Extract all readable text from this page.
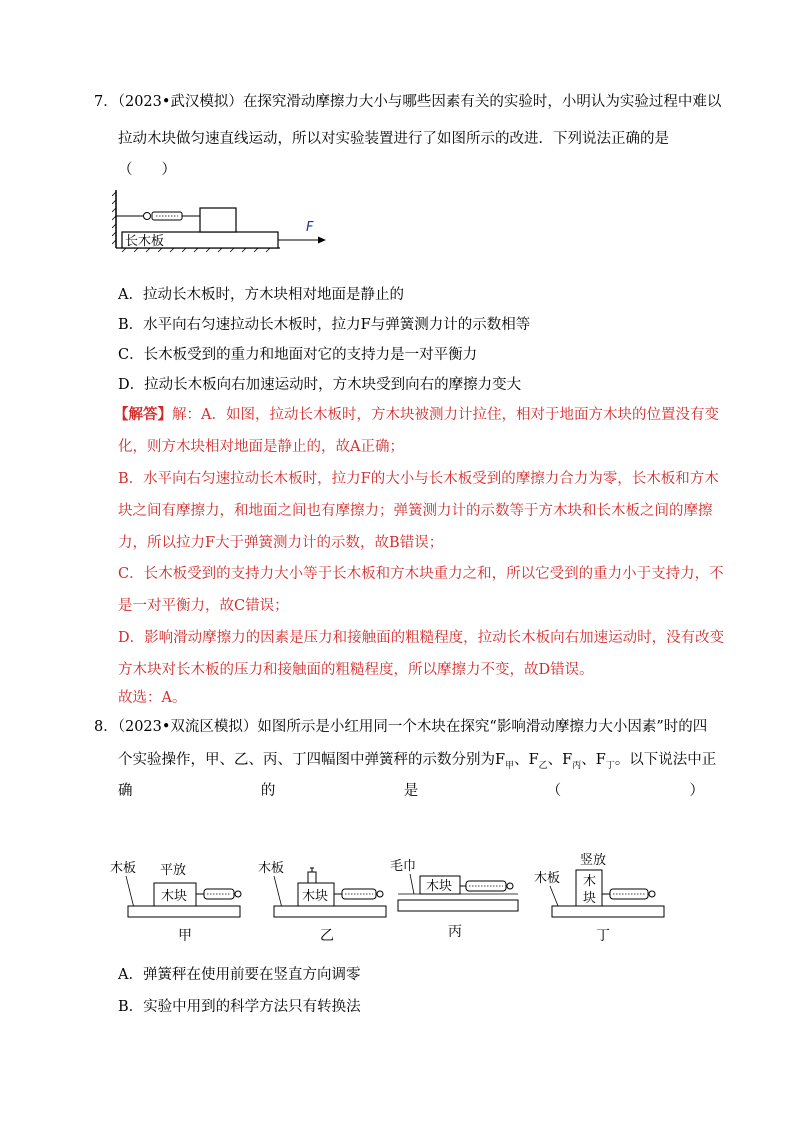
7．（2023•武汉模拟）在探究滑动摩擦力大小与哪些因素有关的实验时，小明认为实验过程中难以
拉动木块做匀速直线运动，所以对实验装置进行了如图所示的改进．下列说法正确的是
（　　）
长木板
F
A．拉动长木板时，方木块相对地面是静止的
B．水平向右匀速拉动长木板时，拉力F与弹簧测力计的示数相等
C．长木板受到的重力和地面对它的支持力是一对平衡力
D．拉动长木板向右加速运动时，方木块受到向右的摩擦力变大
【解答】解：A．如图，拉动长木板时，方木块被测力计拉住，相对于地面方木块的位置没有变
化，则方木块相对地面是静止的，故A正确；
B．水平向右匀速拉动长木板时，拉力F的大小与长木板受到的摩擦力合力为零，长木板和方木
块之间有摩擦力，和地面之间也有摩擦力；弹簧测力计的示数等于方木块和长木板之间的摩擦
力，所以拉力F大于弹簧测力计的示数，故B错误；
C．长木板受到的支持力大小等于长木板和方木块重力之和，所以它受到的重力小于支持力，不
是一对平衡力，故C错误；
D．影响滑动摩擦力的因素是压力和接触面的粗糙程度，拉动长木板向右加速运动时，没有改变
方木块对长木板的压力和接触面的粗糙程度，所以摩擦力不变，故D错误。
故选：A。
8．（2023•双流区模拟）如图所示是小红用同一个木块在探究“影响滑动摩擦力大小因素”时的四
个实验操作，甲、乙、丙、丁四幅图中弹簧秤的示数分别为$F_甲$、$F_乙$、$F_丙$、$F_丁$。以下说法中正
确	的	是	（	）
木板 平放
木块
甲
木板
木块
乙
毛巾
木块
丙
木板
竖放
木
块
丁
A．弹簧秤在使用前要在竖直方向调零
B．实验中用到的科学方法只有转换法
